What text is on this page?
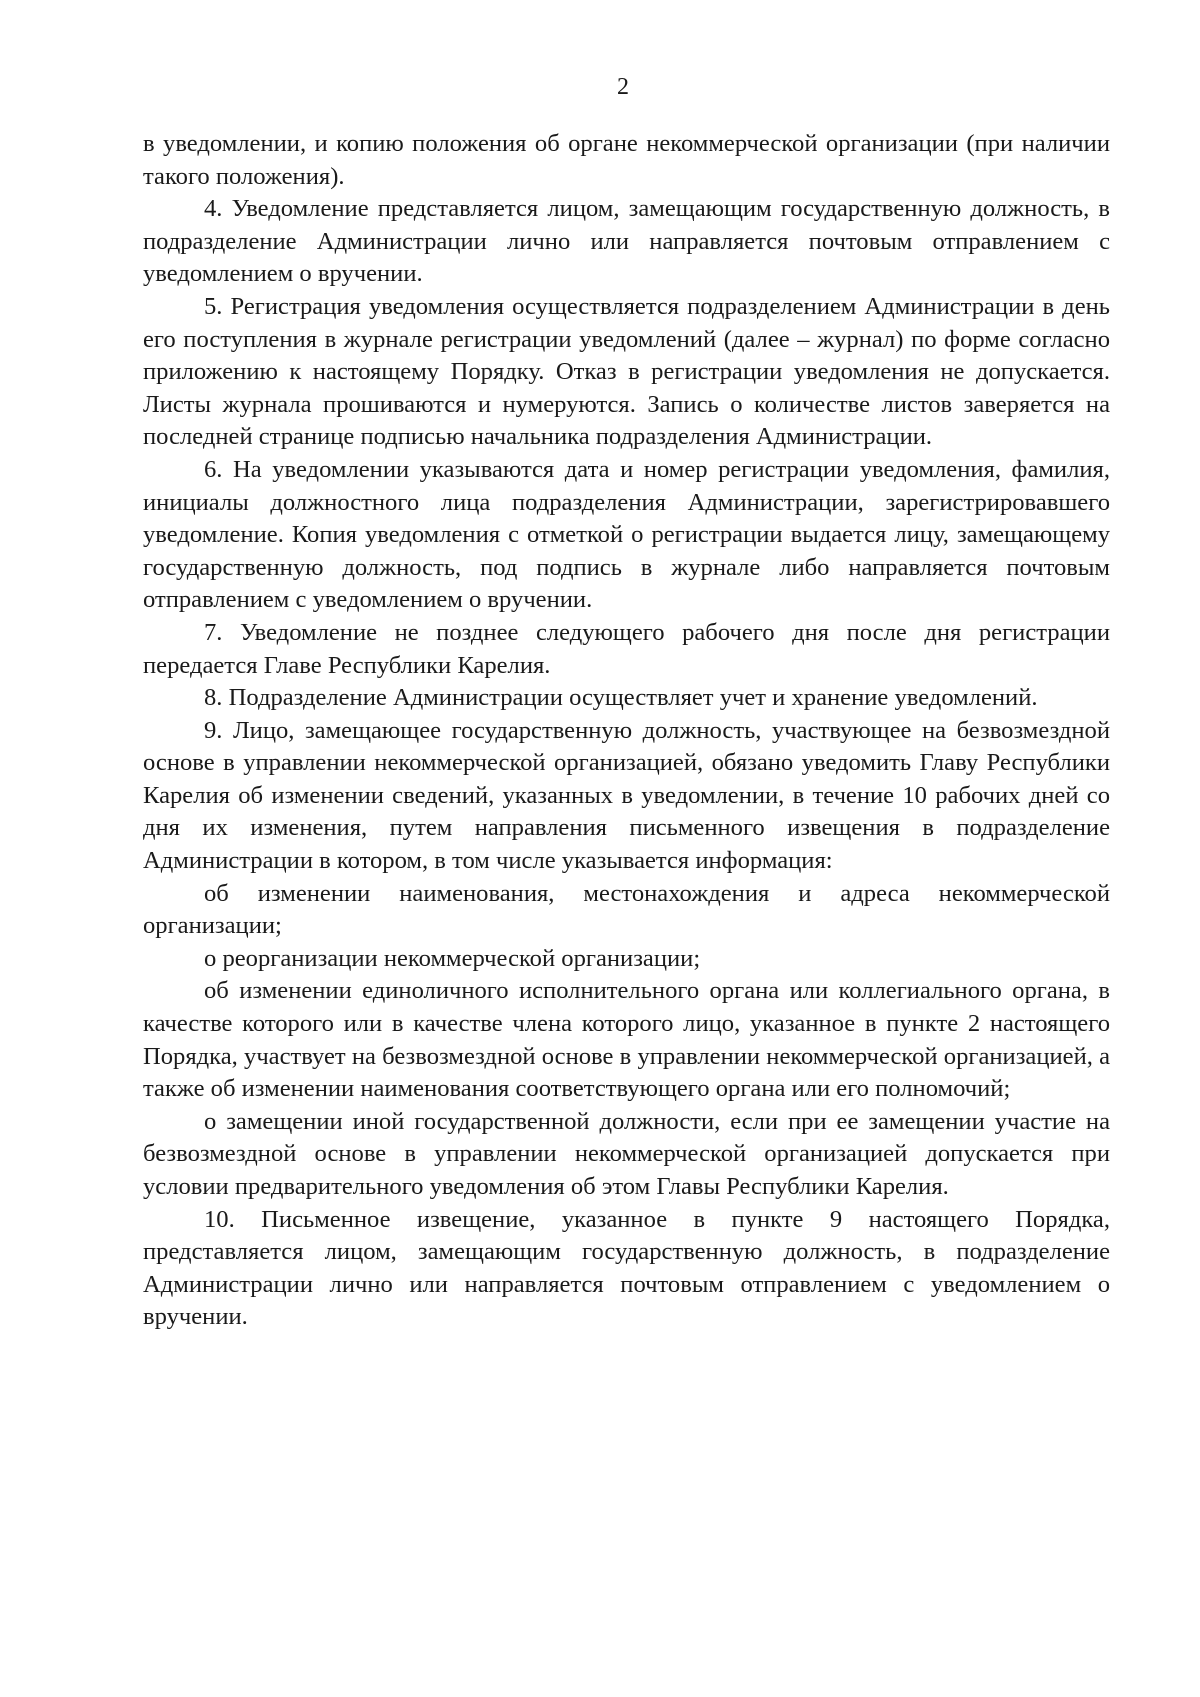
2

в уведомлении, и копию положения об органе некоммерческой организации (при наличии такого положения).

4. Уведомление представляется лицом, замещающим государственную должность, в подразделение Администрации лично или направляется почтовым отправлением с уведомлением о вручении.

5. Регистрация уведомления осуществляется подразделением Администрации в день его поступления в журнале регистрации уведомлений (далее – журнал) по форме согласно приложению к настоящему Порядку. Отказ в регистрации уведомления не допускается. Листы журнала прошиваются и нумеруются. Запись о количестве листов заверяется на последней странице подписью начальника подразделения Администрации.

6. На уведомлении указываются дата и номер регистрации уведомления, фамилия, инициалы должностного лица подразделения Администрации, зарегистрировавшего уведомление. Копия уведомления с отметкой о регистрации выдается лицу, замещающему государственную должность, под подпись в журнале либо направляется почтовым отправлением с уведомлением о вручении.

7. Уведомление не позднее следующего рабочего дня после дня регистрации передается Главе Республики Карелия.

8. Подразделение Администрации осуществляет учет и хранение уведомлений.

9. Лицо, замещающее государственную должность, участвующее на безвозмездной основе в управлении некоммерческой организацией, обязано уведомить Главу Республики Карелия об изменении сведений, указанных в уведомлении, в течение 10 рабочих дней со дня их изменения, путем направления письменного извещения в подразделение Администрации в котором, в том числе указывается информация:

об изменении наименования, местонахождения и адреса некоммерческой организации;

о реорганизации некоммерческой организации;

об изменении единоличного исполнительного органа или коллегиального органа, в качестве которого или в качестве члена которого лицо, указанное в пункте 2 настоящего Порядка, участвует на безвозмездной основе в управлении некоммерческой организацией, а также об изменении наименования соответствующего органа или его полномочий;

о замещении иной государственной должности, если при ее замещении участие на безвозмездной основе в управлении некоммерческой организацией допускается при условии предварительного уведомления об этом Главы Республики Карелия.

10. Письменное извещение, указанное в пункте 9 настоящего Порядка, представляется лицом, замещающим государственную должность, в подразделение Администрации лично или направляется почтовым отправлением с уведомлением о вручении.
